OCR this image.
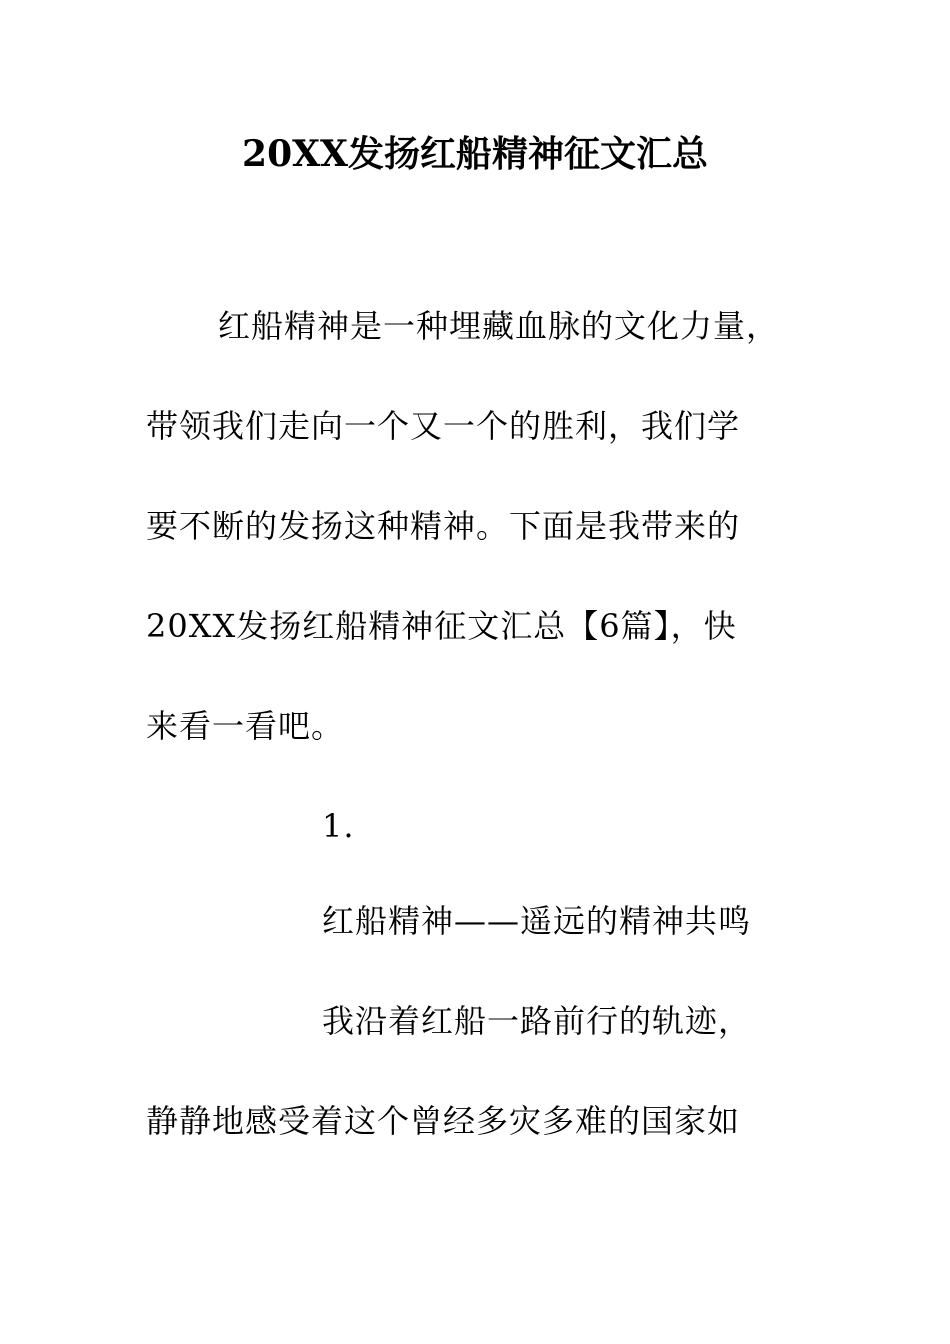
20XX发扬红船精神征文汇总
红船精神是一种埋藏血脉的文化力量，
带领我们走向一个又一个的胜利，我们学
要不断的发扬这种精神。下面是我带来的
20XX发扬红船精神征文汇总【6篇】，快
来看一看吧。
1.
红船精神——遥远的精神共鸣
我沿着红船一路前行的轨迹，
静静地感受着这个曾经多灾多难的国家如
